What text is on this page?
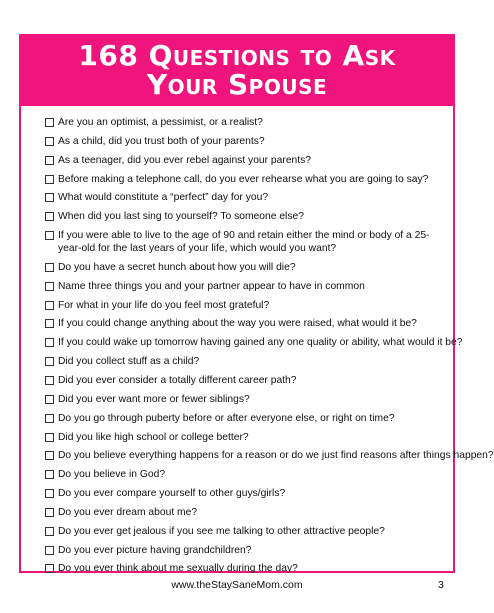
168 Questions to Ask

Your Spouse

Are you an optimist, a pessimist, or a realist?
As a child, did you trust both of your parents?
As a teenager, did you ever rebel against your parents?
Before making a telephone call, do you ever rehearse what you are going to say?
What would constitute a “perfect” day for you?
When did you last sing to yourself? To someone else?
If you were able to live to the age of 90 and retain either the mind or body of a 25- year-old for the last years of your life, which would you want?
Do you have a secret hunch about how you will die?
Name three things you and your partner appear to have in common
For what in your life do you feel most grateful?
If you could change anything about the way you were raised, what would it be?
If you could wake up tomorrow having gained any one quality or ability, what would it be?
Did you collect stuff as a child?
Did you ever consider a totally different career path?
Did you ever want more or fewer siblings?
Do you go through puberty before or after everyone else, or right on time?
Did you like high school or college better?
Do you believe everything happens for a reason or do we just find reasons after things happen?
Do you believe in God?
Do you ever compare yourself to other guys/girls?
Do you ever dream about me?
Do you ever get jealous if you see me talking to other attractive people?
Do you ever picture having grandchildren?
Do you ever think about me sexually during the day?
www.theStaySaneMom.com	3
